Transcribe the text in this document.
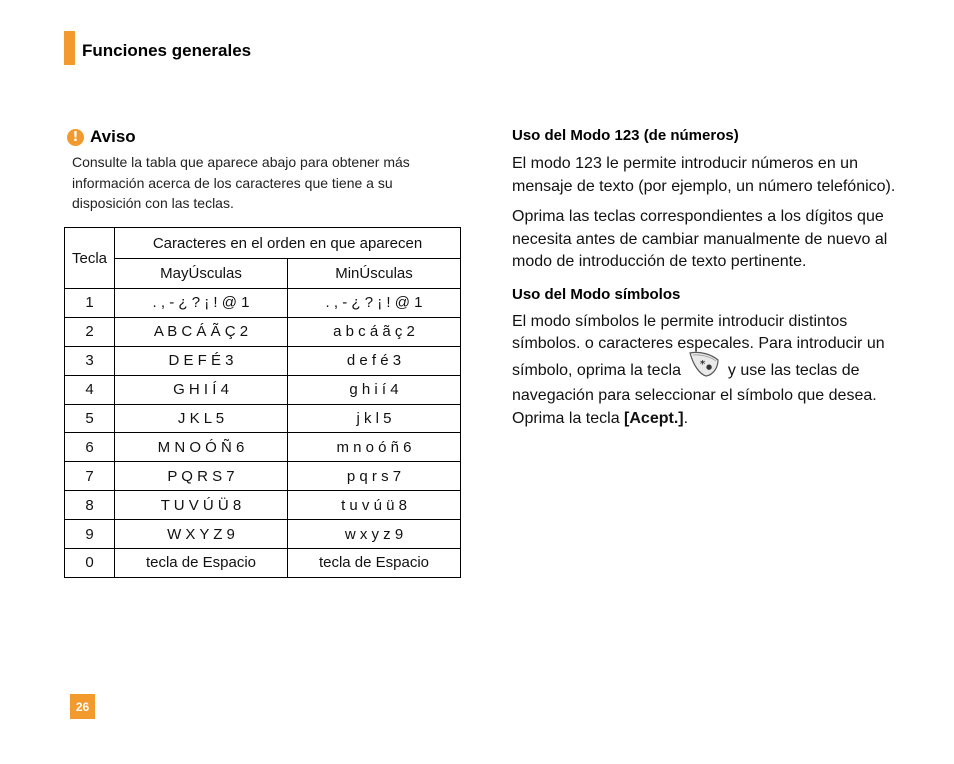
Funciones generales
! Aviso
Consulte la tabla que aparece abajo para obtener más
información acerca de los caracteres que tiene a su
disposición con las teclas.
Tecla	Caracteres en el orden en que aparecen	
	MayÚsculas	MinÚsculas
1	. , - ¿ ? ¡ ! @ 1	. , - ¿ ? ¡ ! @ 1
2	A B C Á Ã Ç 2	a b c á ã ç 2
3	D E F É 3	d e f é 3
4	G H I Í 4	g h i í 4
5	J K L 5	j k l 5
6	M N O Ó Ñ 6	m n o ó ñ 6
7	P Q R S 7	p q r s 7
8	T U V Ú Ü 8	t u v ú ü 8
9	W X Y Z 9	w x y z 9
0	tecla de Espacio	tecla de Espacio
Uso del Modo 123 (de números)
El modo 123 le permite introducir números en un mensaje de texto (por ejemplo, un número telefónico).
Oprima las teclas correspondientes a los dígitos que necesita antes de cambiar manualmente de nuevo al modo de introducción de texto pertinente.
Uso del Modo símbolos
El modo símbolos le permite introducir distintos símbolos. o caracteres especales. Para introducir un símbolo, oprima la tecla * ● y use las teclas de navegación para seleccionar el símbolo que desea. Oprima la tecla [Acept.].
26
